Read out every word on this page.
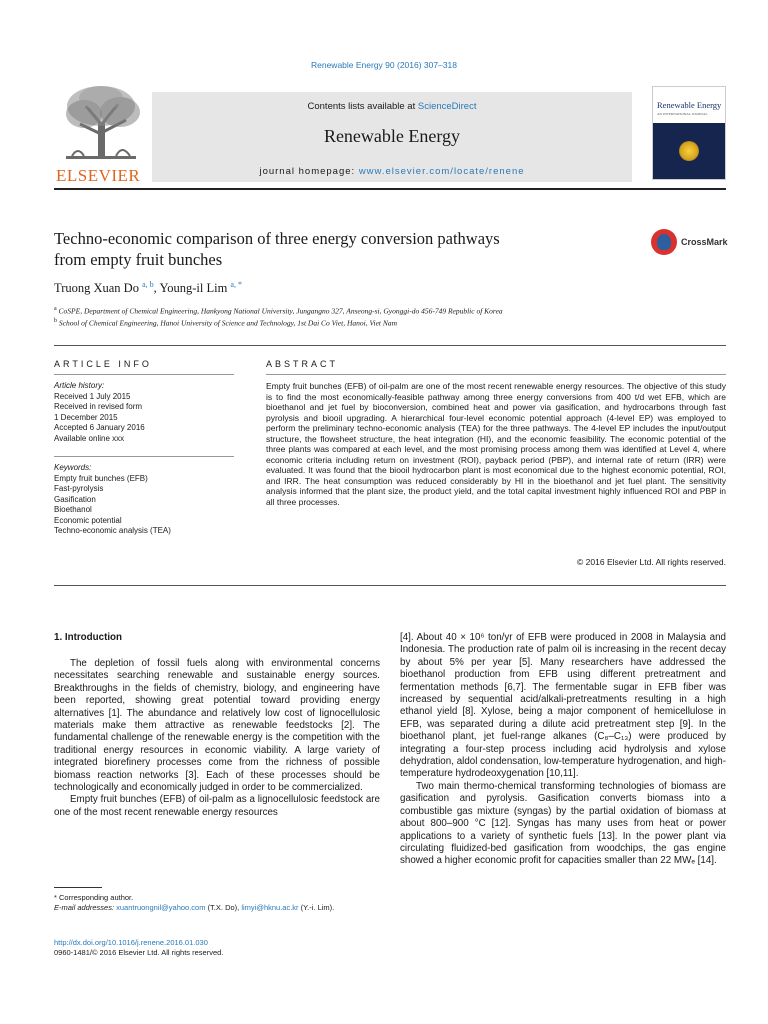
Renewable Energy 90 (2016) 307–318
ELSEVIER
Contents lists available at ScienceDirect
Renewable Energy
journal homepage: www.elsevier.com/locate/renene
Renewable Energy
AN INTERNATIONAL JOURNAL
Techno-economic comparison of three energy conversion pathways
from empty fruit bunches
CrossMark
Truong Xuan Do $^{a, b}$, Young-il Lim $^{a, *}$
$^a$ CoSPE, Department of Chemical Engineering, Hankyong National University, Jungangno 327, Anseong-si, Gyonggi-do 456-749 Republic of Korea
$^b$ School of Chemical Engineering, Hanoi University of Science and Technology, 1st Dai Co Viet, Hanoi, Viet Nam
ARTICLE INFO	ABSTRACT
Article history:
Received 1 July 2015
Received in revised form
1 December 2015
Accepted 6 January 2016
Available online xxx
Keywords:
Empty fruit bunches (EFB)
Fast-pyrolysis
Gasification
Bioethanol
Economic potential
Techno-economic analysis (TEA)
Empty fruit bunches (EFB) of oil-palm are one of the most recent renewable energy resources. The objective of this study is to find the most economically-feasible pathway among three energy conversions from 400 t/d wet EFB, which are bioethanol and jet fuel by bioconversion, combined heat and power via gasification, and hydrocarbons through fast pyrolysis and biooil upgrading. A hierarchical four-level economic potential approach (4-level EP) was employed to perform the preliminary techno-economic analysis (TEA) for the three pathways. The 4-level EP includes the input/output structure, the flowsheet structure, the heat integration (HI), and the economic feasibility. The economic potential of the three plants was compared at each level, and the most promising process among them was identified at Level 4, where economic criteria including return on investment (ROI), payback period (PBP), and internal rate of return (IRR) were evaluated. It was found that the biooil hydrocarbon plant is most economical due to the highest economic potential, ROI, and IRR. The heat consumption was reduced considerably by HI in the bioethanol and jet fuel plant. The sensitivity analysis informed that the plant size, the product yield, and the total capital investment highly influenced ROI and PBP in all three processes.
© 2016 Elsevier Ltd. All rights reserved.
1. Introduction

The depletion of fossil fuels along with environmental concerns necessitates searching renewable and sustainable energy sources. Breakthroughs in the fields of chemistry, biology, and engineering have been reported, showing great potential toward providing energy alternatives [1]. The abundance and relatively low cost of lignocellulosic materials make them attractive as renewable feedstocks [2]. The fundamental challenge of the renewable energy is the competition with the traditional energy resources in economic viability. A large variety of integrated biorefinery processes come from the richness of possible biomass reaction networks [3]. Each of these processes should be technologically and economically judged in order to be commercialized.

Empty fruit bunches (EFB) of oil-palm as a lignocellulosic feedstock are one of the most recent renewable energy resources

[4]. About 40 × 10⁶ ton/yr of EFB were produced in 2008 in Malaysia and Indonesia. The production rate of palm oil is increasing in the recent decay by about 5% per year [5]. Many researchers have addressed the bioethanol production from EFB using different pretreatment and fermentation methods [6,7]. The fermentable sugar in EFB fiber was increased by sequential acid/alkali-pretreatments resulting in a high ethanol yield [8]. Xylose, being a major component of hemicellulose in EFB, was separated during a dilute acid pretreatment step [9]. In the bioethanol plant, jet fuel-range alkanes (C₈–C₁₃) were produced by integrating a four-step process including acid hydrolysis and xylose dehydration, aldol condensation, low-temperature hydrogenation, and high-temperature hydrodeoxygenation [10,11].

Two main thermo-chemical transforming technologies of biomass are gasification and pyrolysis. Gasification converts biomass into a combustible gas mixture (syngas) by the partial oxidation of biomass at about 800–900 °C [12]. Syngas has many uses from heat or power applications to a variety of synthetic fuels [13]. In the power plant via circulating fluidized-bed gasification from woodchips, the gas engine showed a higher economic profit for capacities smaller than 22 MWₑ [14].

* Corresponding author.
E-mail addresses: xuantruongnil@yahoo.com (T.X. Do), limyi@hknu.ac.kr (Y.-i. Lim).
http://dx.doi.org/10.1016/j.renene.2016.01.030
0960-1481/© 2016 Elsevier Ltd. All rights reserved.
